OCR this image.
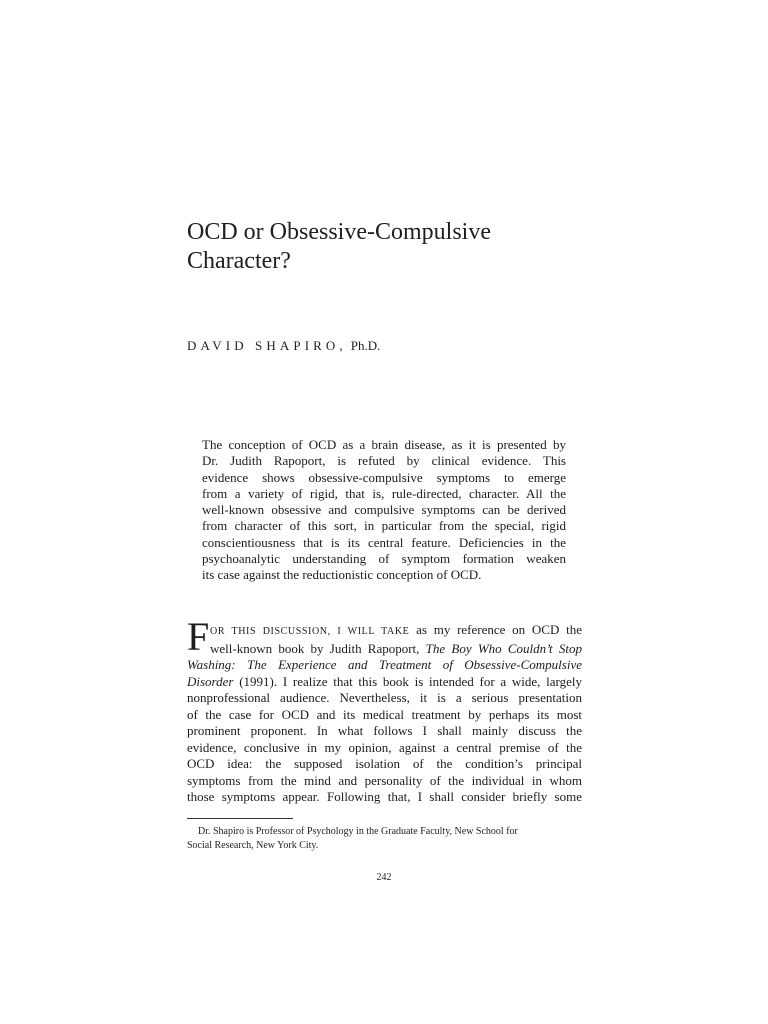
OCD or Obsessive-Compulsive
Character?
DAVID SHAPIRO, Ph.D.
The conception of OCD as a brain disease, as it is presented by
Dr. Judith Rapoport, is refuted by clinical evidence. This
evidence shows obsessive-compulsive symptoms to emerge
from a variety of rigid, that is, rule-directed, character. All the
well-known obsessive and compulsive symptoms can be derived
from character of this sort, in particular from the special, rigid
conscientiousness that is its central feature. Deficiencies in the
psychoanalytic understanding of symptom formation weaken
its case against the reductionistic conception of OCD.
F OR THIS DISCUSSION, I WILL TAKE as my reference on OCD the
well-known book by Judith Rapoport, The Boy Who Couldn’t Stop
Washing: The Experience and Treatment of Obsessive-Compulsive
Disorder (1991). I realize that this book is intended for a wide, largely
nonprofessional audience. Nevertheless, it is a serious presentation
of the case for OCD and its medical treatment by perhaps its most
prominent proponent. In what follows I shall mainly discuss the
evidence, conclusive in my opinion, against a central premise of the
OCD idea: the supposed isolation of the condition’s principal
symptoms from the mind and personality of the individual in whom
those symptoms appear. Following that, I shall consider briefly some
Dr. Shapiro is Professor of Psychology in the Graduate Faculty, New School for
Social Research, New York City.
242
